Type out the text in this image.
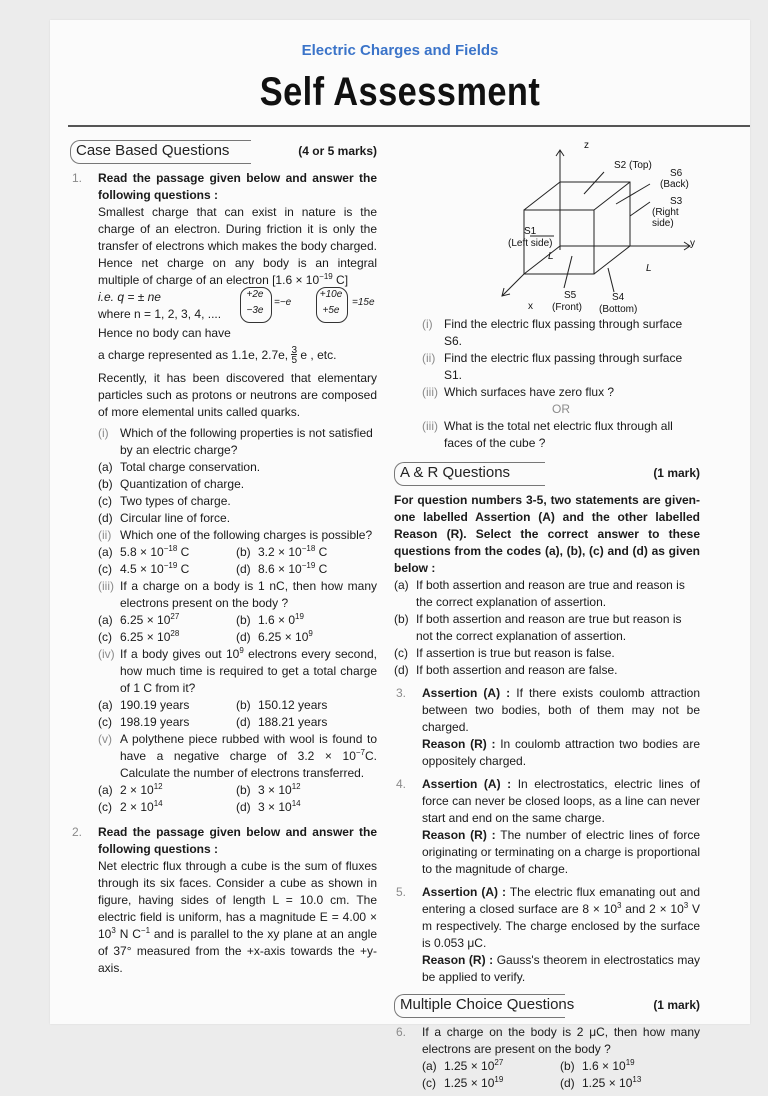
Electric Charges and Fields
Self Assessment
Case Based Questions	(4 or 5 marks)
1. Read the passage given below and answer the following questions :
Smallest charge that can exist in nature is the charge of an electron. During friction it is only the transfer of electrons which makes the body charged. Hence net charge on any body is an integral multiple of charge of an electron [$1.6 \times 10^{-19}$ C]
i.e. q = ± ne
where n = 1, 2, 3, 4, ....
+2e
−3e
=−e
+10e
+5e
=15e
Hence no body can have
a charge represented as 1.1e, 2.7e, $\frac{3}{5}$ e , etc.
Recently, it has been discovered that elementary particles such as protons or neutrons are composed of more elemental units called quarks.
(i) Which of the following properties is not satisfied by an electric charge?
(a) Total charge conservation.
(b) Quantization of charge.
(c) Two types of charge.
(d) Circular line of force.
(ii) Which one of the following charges is possible?
(a) $5.8 \times 10^{-18}$ C	(b) $3.2 \times 10^{-18}$ C
(c) $4.5 \times 10^{-19}$ C	(d) $8.6 \times 10^{-19}$ C
(iii) If a charge on a body is 1 nC, then how many electrons present on the body ?
(a) $6.25 \times 10^{27}$	(b) $1.6 \times 0^{19}$
(c) $6.25 \times 10^{28}$	(d) $6.25 \times 10^9$
(iv) If a body gives out $10^9$ electrons every second, how much time is required to get a total charge of 1 C from it?
(a) 190.19 years	(b) 150.12 years
(c) 198.19 years	(d) 188.21 years
(v) A polythene piece rubbed with wool is found to have a negative charge of $3.2 \times 10^{-7}C$. Calculate the number of electrons transferred.
(a) $2 \times 10^{12}$	(b) $3 \times 10^{12}$
(c) $2 \times 10^{14}$	(d) $3 \times 10^{14}$
2. Read the passage given below and answer the following questions :
Net electric flux through a cube is the sum of fluxes through its six faces. Consider a cube as shown in figure, having sides of length L = 10.0 cm. The electric field is uniform, has a magnitude $E = 4.00 \times 10^3$ N $C^{-1}$ and is parallel to the xy plane at an angle of 37° measured from the +x-axis towards the +y-axis.
z
y
x
S2 (Top)
S6
(Back)
S3
(Right side)
S1
(Left side)
L
L
S5
(Front)
S4
(Bottom)
(i) Find the electric flux passing through surface S6.
(ii) Find the electric flux passing through surface S1.
(iii) Which surfaces have zero flux ?
OR
(iii) What is the total net electric flux through all faces of the cube ?
A & R Questions	(1 mark)
For question numbers 3-5, two statements are given-one labelled Assertion (A) and the other labelled Reason (R). Select the correct answer to these questions from the codes (a), (b), (c) and (d) as given below :
(a) If both assertion and reason are true and reason is the correct explanation of assertion.
(b) If both assertion and reason are true but reason is not the correct explanation of assertion.
(c) If assertion is true but reason is false.
(d) If both assertion and reason are false.
3. Assertion (A) : If there exists coulomb attraction between two bodies, both of them may not be charged.
Reason (R) : In coulomb attraction two bodies are oppositely charged.
4. Assertion (A) : In electrostatics, electric lines of force can never be closed loops, as a line can never start and end on the same charge.
Reason (R) : The number of electric lines of force originating or terminating on a charge is proportional to the magnitude of charge.
5. Assertion (A) : The electric flux emanating out and entering a closed surface are $8 \times 10^3$ and $2 \times 10^3$ V m respectively. The charge enclosed by the surface is 0.053 μC.
Reason (R) : Gauss's theorem in electrostatics may be applied to verify.
Multiple Choice Questions	(1 mark)
6. If a charge on the body is 2 μC, then how many electrons are present on the body ?
(a) $1.25 \times 10^{27}$	(b) $1.6 \times 10^{19}$
(c) $1.25 \times 10^{19}$	(d) $1.25 \times 10^{13}$
